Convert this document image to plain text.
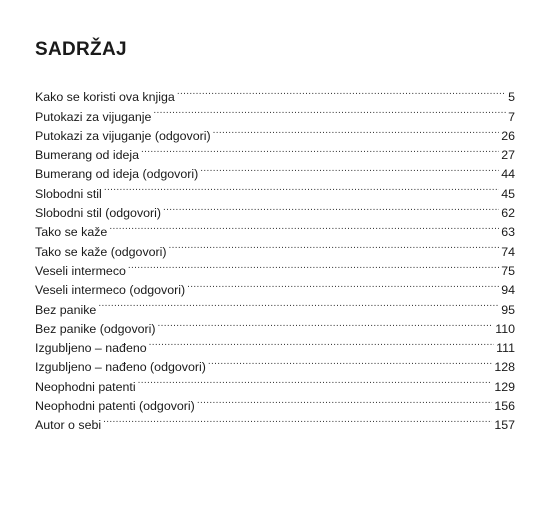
SADRŽAJ
Kako se koristi ova knjiga .....	5
Putokazi za vijuganje .....	7
Putokazi za vijuganje (odgovori) .....	26
Bumerang od ideja .....	27
Bumerang od ideja (odgovori) .....	44
Slobodni stil .....	45
Slobodni stil (odgovori) .....	62
Tako se kaže .....	63
Tako se kaže (odgovori) .....	74
Veseli intermeco .....	75
Veseli intermeco (odgovori) .....	94
Bez panike .....	95
Bez panike (odgovori) .....	110
Izgubljeno – nađeno .....	111
Izgubljeno – nađeno (odgovori) .....	128
Neophodni patenti .....	129
Neophodni patenti (odgovori) .....	156
Autor o sebi .....	157
